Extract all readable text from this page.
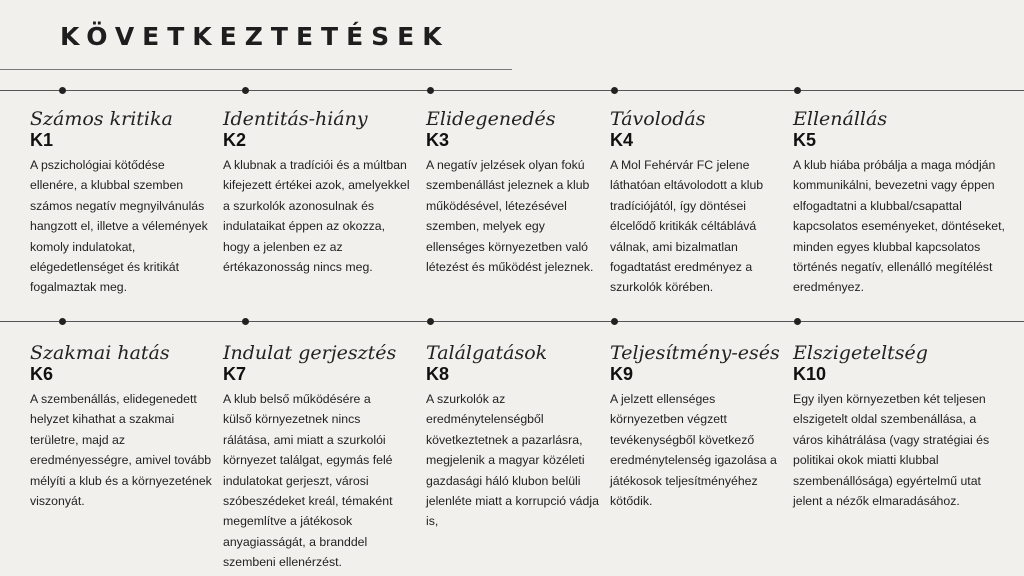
KÖVETKEZTETÉSEK
Számos kritika
K1
A pszichológiai kötődése ellenére, a klubbal szemben számos negatív megnyilvánulás hangzott el, illetve a vélemények komoly indulatokat, elégedetlenséget és kritikát fogalmaztak meg.
Identitás-hiány
K2
A klubnak a tradíciói és a múltban kifejezett értékei azok, amelyekkel a szurkolók azonosulnak és indulataikat éppen az okozza, hogy a jelenben ez az értékazonosság nincs meg.
Elidegenedés
K3
A negatív jelzések olyan fokú szembenállást jeleznek a klub működésével, létezésével szemben, melyek egy ellenséges környezetben való létezést és működést jeleznek.
Távolodás
K4
A Mol Fehérvár FC jelene láthatóan eltávolodott a klub tradíciójától, így döntései élcelődő kritikák céltáblává válnak, ami bizalmatlan fogadtatást eredményez a szurkolók körében.
Ellenállás
K5
A klub hiába próbálja a maga módján kommunikálni, bevezetni vagy éppen elfogadtatni a klubbal/csapattal kapcsolatos eseményeket, döntéseket, minden egyes klubbal kapcsolatos történés negatív, ellenálló megítélést eredményez.
Szakmai hatás
K6
A szembenállás, elidegenedett helyzet kihathat a szakmai területre, majd az eredményességre, amivel tovább mélyíti a klub és a környezetének viszonyát.
Indulat gerjesztés
K7
A klub belső működésére a külső környezetnek nincs rálátása, ami miatt a szurkolói környezet találgat, egymás felé indulatokat gerjeszt, városi szóbeszédeket kreál, témaként megemlítve a játékosok anyagiasságát, a branddel szembeni ellenérzést.
Találgatások
K8
A szurkolók az eredménytelenségből következtetnek a pazarlásra, megjelenik a magyar közéleti gazdasági háló klubon belüli jelenléte miatt a korrupció vádja is,
Teljesítmény-esés
K9
A jelzett ellenséges környezetben végzett tevékenységből következő eredménytelenség igazolása a játékosok teljesítményéhez kötődik.
Elszigeteltség
K10
Egy ilyen környezetben két teljesen elszigetelt oldal szembenállása, a város kihátrálása (vagy stratégiai és politikai okok miatti klubbal szembenállósága) egyértelmű utat jelent a nézők elmaradásához.
